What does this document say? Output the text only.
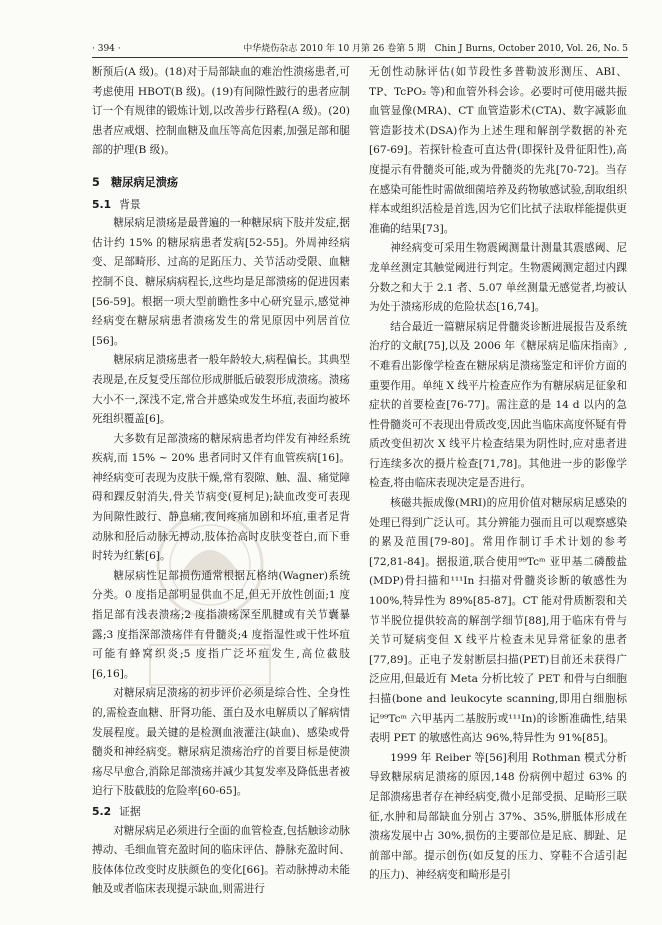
· 394 ·	中华烧伤杂志 2010 年 10 月第 26 卷第 5 期　Chin J Burns, October 2010, Vol. 26, No. 5

断预后(A 级)。(18)对于局部缺血的难治性溃疡患者,可考虑使用 HBOT(B 级)。(19)有间隙性跛行的患者应制订一个有规律的锻炼计划,以改善步行路程(A 级)。(20)患者应戒烟、控制血糖及血压等高危因素,加强足部和腿部的护理(B 级)。

5　糖尿病足溃疡
5.1 背景

糖尿病足溃疡是最普遍的一种糖尿病下肢并发症,据估计约 15% 的糖尿病患者发病[52-55]。外周神经病变、足部畸形、过高的足跖压力、关节活动受限、血糖控制不良、糖尿病病程长,这些均是足部溃疡的促进因素[56-59]。根据一项大型前瞻性多中心研究显示,感觉神经病变在糖尿病患者溃疡发生的常见原因中列居首位[56]。

糖尿病足溃疡患者一般年龄较大,病程偏长。其典型表现是,在反复受压部位形成胼胝后破裂形成溃疡。溃疡大小不一,深浅不定,常合并感染或发生坏疽,表面均被坏死组织覆盖[6]。

大多数有足部溃疡的糖尿病患者均伴发有神经系统疾病,而 15% ~ 20% 患者同时又伴有血管疾病[16]。神经病变可表现为皮肤干燥,常有裂隙、触、温、痛觉障碍和踝反射消失,骨关节病变(夏柯足);缺血改变可表现为间隙性跛行、静息痛,夜间疼痛加剧和坏疽,重者足背动脉和胫后动脉无搏动,肢体抬高时皮肤变苍白,而下垂时转为红紫[6]。

糖尿病性足部损伤通常根据瓦格纳(Wagner)系统分类。0 度指足部明显供血不足,但无开放性创面;1 度指足部有浅表溃疡;2 度指溃疡深至肌腱或有关节囊暴露;3 度指深部溃疡伴有骨髓炎;4 度指湿性或干性坏疽可能有蜂窝织炎;5 度指广泛坏疽发生,高位截肢[6,16]。

对糖尿病足溃疡的初步评价必须是综合性、全身性的,需检查血糖、肝肾功能、蛋白及水电解质以了解病情发展程度。最关键的是检测血液灌注(缺血)、感染或骨髓炎和神经病变。糖尿病足溃疡治疗的首要目标是使溃疡尽早愈合,消除足部溃疡并减少其复发率及降低患者被迫行下肢截肢的危险率[60-65]。

5.2 证据

对糖尿病足必须进行全面的血管检查,包括触诊动脉搏动、毛细血管充盈时间的临床评估、静脉充盈时间、肢体体位改变时皮肤颜色的变化[66]。若动脉搏动未能触及或者临床表现提示缺血,则需进行

无创性动脉评估(如节段性多普勒波形测压、ABI、TP、TcPO₂ 等)和血管外科会诊。必要时可使用磁共振血管显像(MRA)、CT 血管造影术(CTA)、数字减影血管造影技术(DSA)作为上述生理和解剖学数据的补充[67-69]。若探针检查可直达骨(即探针及骨征阳性),高度提示有骨髓炎可能,或为骨髓炎的先兆[70-72]。当存在感染可能性时需做细菌培养及药物敏感试验,刮取组织样本或组织活检是首选,因为它们比拭子法取样能提供更准确的结果[73]。

神经病变可采用生物震阈测量计测量其震感阈、尼龙单丝测定其触觉阈进行判定。生物震阈测定超过内踝分数之和大于 2.1 者、5.07 单丝测量无感觉者,均被认为处于溃疡形成的危险状态[16,74]。

结合最近一篇糖尿病足骨髓炎诊断进展报告及系统治疗的文献[75],以及 2006 年《糖尿病足临床指南》,不难看出影像学检查在糖尿病足溃疡鉴定和评价方面的重要作用。单纯 X 线平片检查应作为有糖尿病足征象和症状的首要检查[76-77]。需注意的是 14 d 以内的急性骨髓炎可不表现出骨质改变,因此当临床高度怀疑有骨质改变但初次 X 线平片检查结果为阴性时,应对患者进行连续多次的摄片检查[71,78]。其他进一步的影像学检查,将由临床表现决定是否进行。

核磁共振成像(MRI)的应用价值对糖尿病足感染的处理已得到广泛认可。其分辨能力强而且可以观察感染的累及范围[79-80]。常用作制订手术计划的参考[72,81-84]。据报道,联合使用⁹⁹Tcᵐ 亚甲基二磷酸盐(MDP)骨扫描和¹¹¹In 扫描对骨髓炎诊断的敏感性为 100%,特异性为 89%[85-87]。CT 能对骨质断裂和关节半脱位提供较高的解剖学细节[88],用于临床有骨与关节可疑病变但 X 线平片检查未见异常征象的患者[77,89]。正电子发射断层扫描(PET)目前还未获得广泛应用,但最近有 Meta 分析比较了 PET 和骨与白细胞扫描(bone and leukocyte scanning,即用白细胞标记⁹⁹Tcᵐ 六甲基丙二基胺肟或¹¹¹In)的诊断准确性,结果表明 PET 的敏感性高达 96%,特异性为 91%[85]。

1999 年 Reiber 等[56]利用 Rothman 模式分析导致糖尿病足溃疡的原因,148 份病例中超过 63% 的足部溃疡患者存在神经病变,微小足部受损、足畸形三联征,水肿和局部缺血分别占 37%、35%,胼胝体形成在溃疡发展中占 30%,损伤的主要部位是足底、脚趾、足前部中部。提示创伤(如反复的压力、穿鞋不合适引起的压力)、神经病变和畸形是引
